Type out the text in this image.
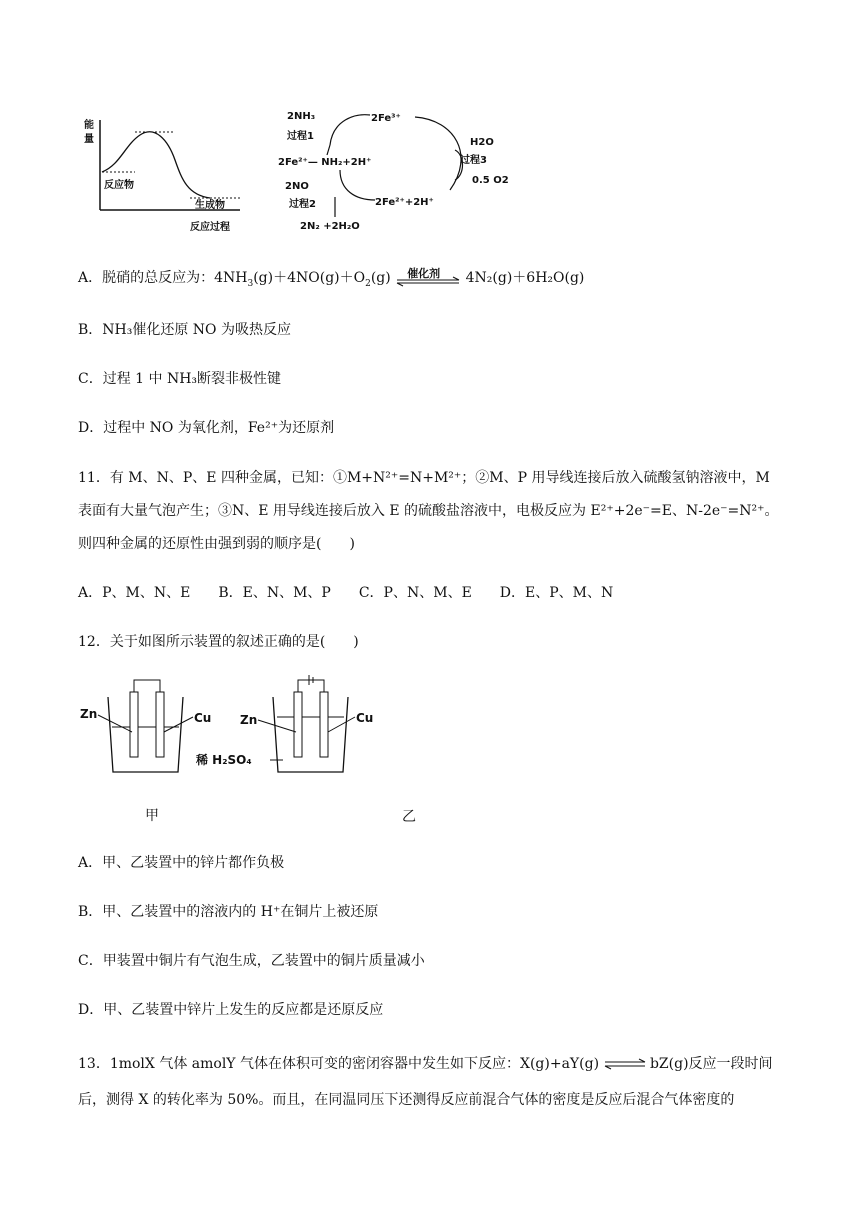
能
量
反应物
生成物
反应过程
2NH₃
过程1
2Fe³⁺
2Fe²⁺— NH₂+2H⁺
H2O
过程3
0.5 O2
2NO
过程2	2Fe²⁺+2H⁺
2N₂ +2H₂O
A．脱硝的总反应为：$4NH_3(g)+4NO(g)+O_2(g)$ 催化剂 4N₂(g)＋6H₂O(g)
B．NH₃催化还原 NO 为吸热反应
C．过程 1 中 NH₃断裂非极性键
D．过程中 NO 为氧化剂，Fe²⁺为还原剂
11．有 M、N、P、E 四种金属，已知：①M+N²⁺=N+M²⁺；②M、P 用导线连接后放入硫酸氢钠溶液中，M
表面有大量气泡产生；③N、E 用导线连接后放入 E 的硫酸盐溶液中，电极反应为 E²⁺+2e⁻=E、N-2e⁻=N²⁺。
则四种金属的还原性由强到弱的顺序是(　　)
A．P、M、N、E　　B．E、N、M、P　　C．P、N、M、E　　D．E、P、M、N
12．关于如图所示装置的叙述正确的是(　　)
Zn	Cu Zn	Cu
稀 H₂SO₄
甲	乙
A．甲、乙装置中的锌片都作负极
B．甲、乙装置中的溶液内的 H⁺在铜片上被还原
C．甲装置中铜片有气泡生成，乙装置中的铜片质量减小
D．甲、乙装置中锌片上发生的反应都是还原反应
13．1molX 气体 amolY 气体在体积可变的密闭容器中发生如下反应：X(g)+aY(g) ⇌ bZ(g)反应一段时间
后，测得 X 的转化率为 50%。而且，在同温同压下还测得反应前混合气体的密度是反应后混合气体密度的
